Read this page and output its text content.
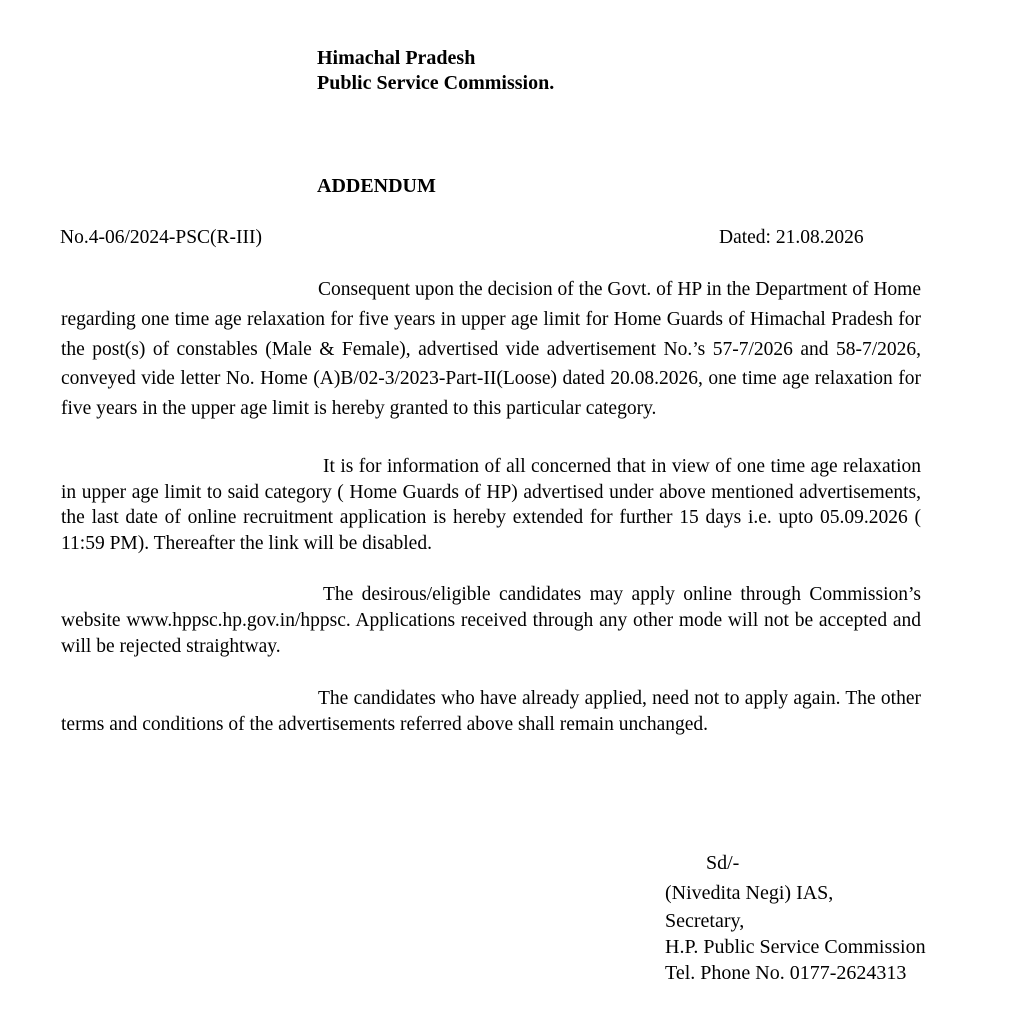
Himachal Pradesh
Public Service Commission.
ADDENDUM
No.4-06/2024-PSC(R-III)	Dated: 21.08.2026

Consequent upon the decision of the Govt. of HP in the Department of Home regarding one time age relaxation for five years in upper age limit for Home Guards of Himachal Pradesh for the post(s) of constables (Male & Female), advertised vide advertisement No.’s 57-7/2026 and 58-7/2026, conveyed vide letter No. Home (A)B/02-3/2023-Part-II(Loose) dated 20.08.2026, one time age relaxation for five years in the upper age limit is hereby granted to this particular category.

It is for information of all concerned that in view of one time age relaxation in upper age limit to said category ( Home Guards of HP) advertised under above mentioned advertisements, the last date of online recruitment application is hereby extended for further 15 days i.e. upto 05.09.2026 ( 11:59 PM). Thereafter the link will be disabled.

The desirous/eligible candidates may apply online through Commission’s website www.hppsc.hp.gov.in/hppsc. Applications received through any other mode will not be accepted and will be rejected straightway.

The candidates who have already applied, need not to apply again. The other terms and conditions of the advertisements referred above shall remain unchanged.

Sd/-
(Nivedita Negi) IAS,
Secretary,
H.P. Public Service Commission
Tel. Phone No. 0177-2624313
